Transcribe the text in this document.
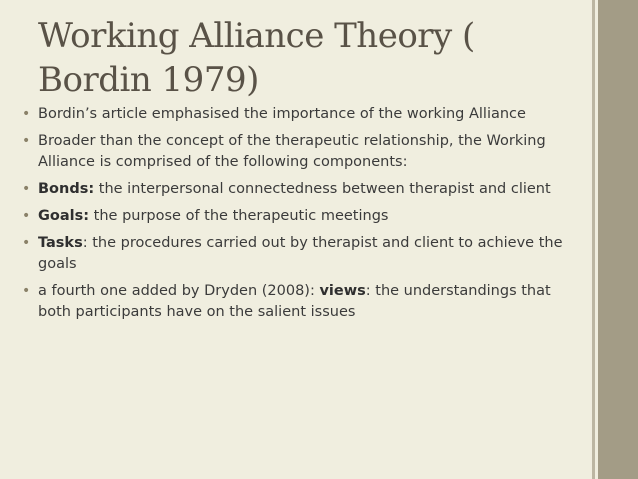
Working Alliance Theory ( Bordin 1979)
• Bordin’s article emphasised the importance of the working Alliance
• Broader than the concept of the therapeutic relationship, the Working Alliance is comprised of the following components:
• Bonds: the interpersonal connectedness between therapist and client
• Goals: the purpose of the therapeutic meetings
• Tasks: the procedures carried out by therapist and client to achieve the goals
• a fourth one added by Dryden (2008): views: the understandings that both participants have on the salient issues
